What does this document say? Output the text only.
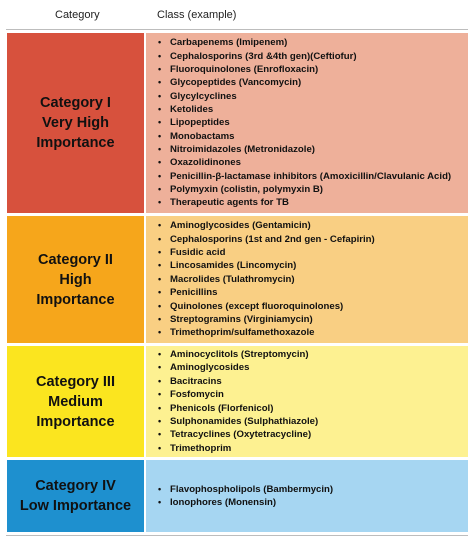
Category	Class (example)
Category I
Very High
Importance
• Carbapenems (Imipenem)
• Cephalosporins (3rd &4th gen)(Ceftiofur)
• Fluoroquinolones (Enrofloxacin)
• Glycopeptides (Vancomycin)
• Glycylcyclines
• Ketolides
• Lipopeptides
• Monobactams
• Nitroimidazoles (Metronidazole)
• Oxazolidinones
• Penicillin-β-lactamase inhibitors (Amoxicillin/Clavulanic Acid)
• Polymyxin (colistin, polymyxin B)
• Therapeutic agents for TB
Category II
High
Importance
• Aminoglycosides (Gentamicin)
• Cephalosporins (1st and 2nd gen - Cefapirin)
• Fusidic acid
• Lincosamides (Lincomycin)
• Macrolides (Tulathromycin)
• Penicillins
• Quinolones (except fluoroquinolones)
• Streptogramins (Virginiamycin)
• Trimethoprim/sulfamethoxazole
Category III
Medium
Importance
• Aminocyclitols (Streptomycin)
• Aminoglycosides
• Bacitracins
• Fosfomycin
• Phenicols (Florfenicol)
• Sulphonamides (Sulphathiazole)
• Tetracyclines (Oxytetracycline)
• Trimethoprim
Category IV
Low Importance
• Flavophospholipols (Bambermycin)
• Ionophores (Monensin)
